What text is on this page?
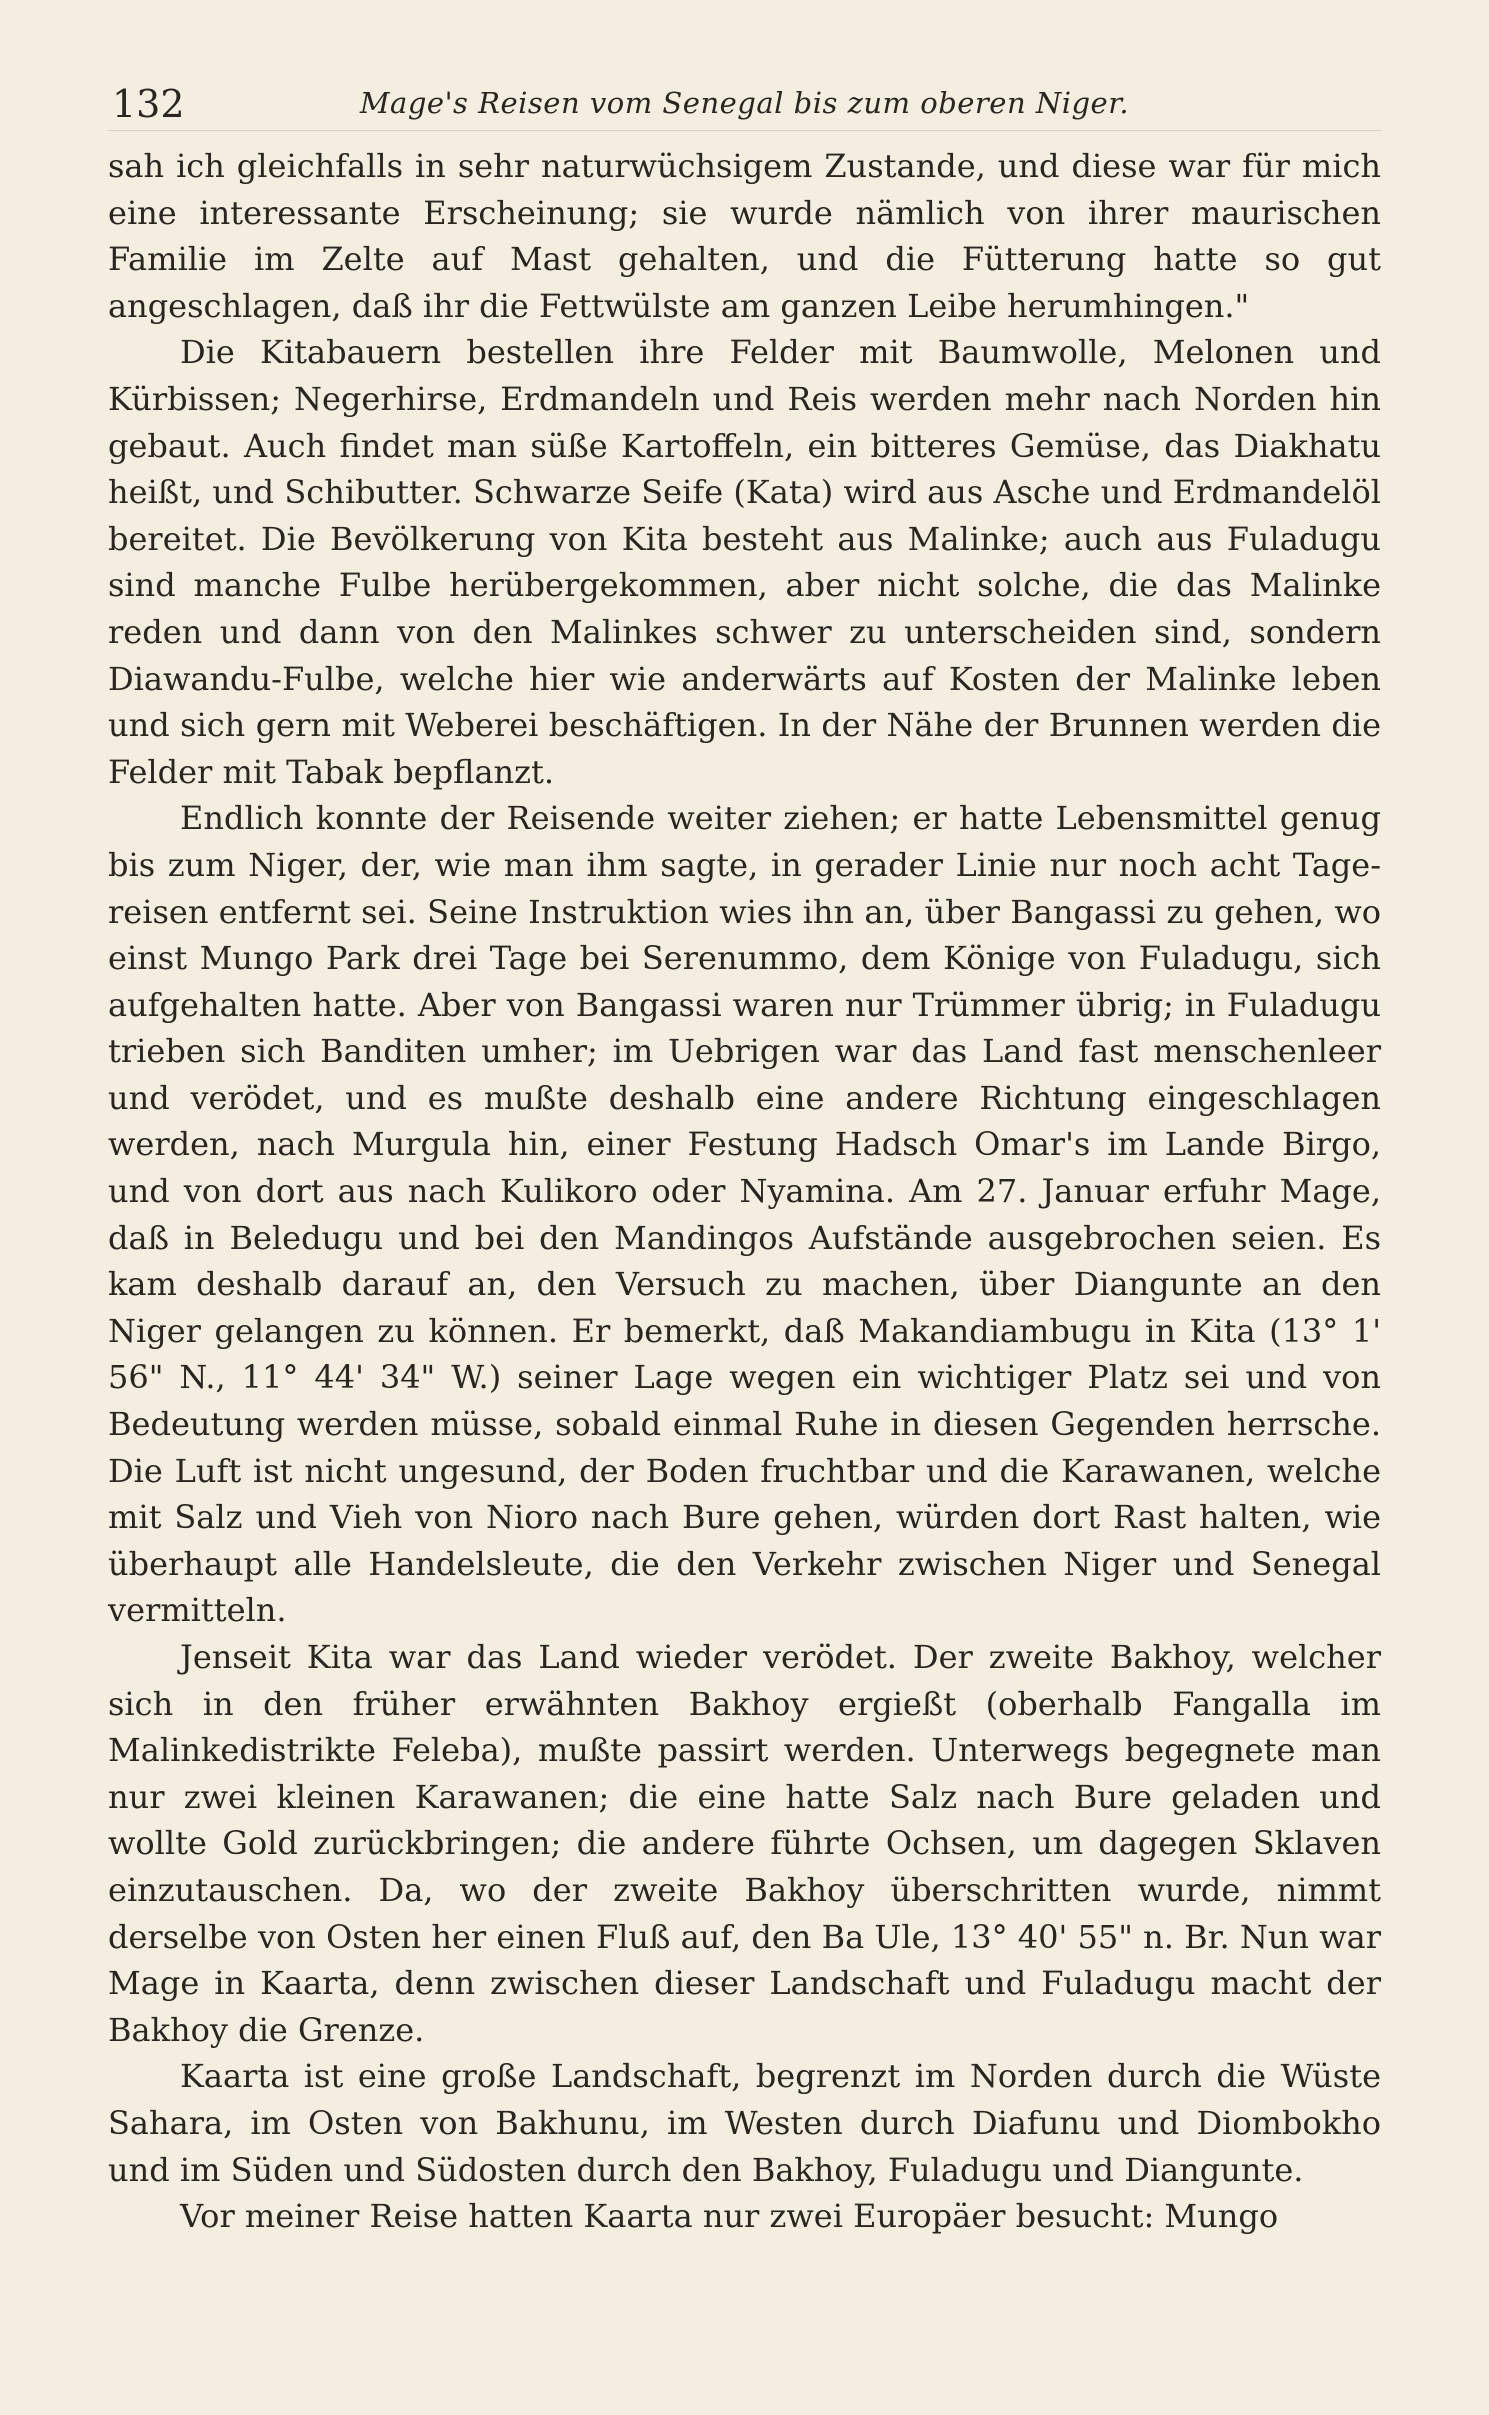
132	Mage's Reisen vom Senegal bis zum oberen Niger.

sah ich gleichfalls in sehr naturwüchsigem Zustande, und diese war für mich eine interessante Erscheinung; sie wurde nämlich von ihrer maurischen Familie im Zelte auf Mast gehalten, und die Fütterung hatte so gut angeschlagen, daß ihr die Fettwülste am ganzen Leibe herumhingen."

Die Kitabauern bestellen ihre Felder mit Baumwolle, Melonen und Kürbissen; Negerhirse, Erdmandeln und Reis werden mehr nach Norden hin gebaut. Auch findet man süße Kartoffeln, ein bitteres Gemüse, das Diakhatu heißt, und Schibutter. Schwarze Seife (Kata) wird aus Asche und Erdmandelöl bereitet. Die Bevölkerung von Kita besteht aus Malinke; auch aus Fuladugu sind manche Fulbe herübergekommen, aber nicht solche, die das Malinke reden und dann von den Malinkes schwer zu unterscheiden sind, sondern Diawandu-Fulbe, welche hier wie anderwärts auf Kosten der Malinke leben und sich gern mit Weberei beschäftigen. In der Nähe der Brunnen werden die Felder mit Tabak bepflanzt.

Endlich konnte der Reisende weiter ziehen; er hatte Lebensmittel genug bis zum Niger, der, wie man ihm sagte, in gerader Linie nur noch acht Tagereisen entfernt sei. Seine Instruktion wies ihn an, über Bangassi zu gehen, wo einst Mungo Park drei Tage bei Serenummo, dem Könige von Fuladugu, sich aufgehalten hatte. Aber von Bangassi waren nur Trümmer übrig; in Fuladugu trieben sich Banditen umher; im Uebrigen war das Land fast menschenleer und verödet, und es mußte deshalb eine andere Richtung eingeschlagen werden, nach Murgula hin, einer Festung Hadsch Omar's im Lande Birgo, und von dort aus nach Kulikoro oder Nyamina. Am 27. Januar erfuhr Mage, daß in Beledugu und bei den Mandingos Aufstände ausgebrochen seien. Es kam deshalb darauf an, den Versuch zu machen, über Diangunte an den Niger gelangen zu können. Er bemerkt, daß Makandiambugu in Kita (13° 1' 56" N., 11° 44' 34" W.) seiner Lage wegen ein wichtiger Platz sei und von Bedeutung werden müsse, sobald einmal Ruhe in diesen Gegenden herrsche. Die Luft ist nicht ungesund, der Boden fruchtbar und die Karawanen, welche mit Salz und Vieh von Nioro nach Bure gehen, würden dort Rast halten, wie überhaupt alle Handelsleute, die den Verkehr zwischen Niger und Senegal vermitteln.

Jenseit Kita war das Land wieder verödet. Der zweite Bakhoy, welcher sich in den früher erwähnten Bakhoy ergießt (oberhalb Fangalla im Malinkedistrikte Feleba), mußte passirt werden. Unterwegs begegnete man nur zwei kleinen Karawanen; die eine hatte Salz nach Bure geladen und wollte Gold zurückbringen; die andere führte Ochsen, um dagegen Sklaven einzutauschen. Da, wo der zweite Bakhoy überschritten wurde, nimmt derselbe von Osten her einen Fluß auf, den Ba Ule, 13° 40' 55" n. Br. Nun war Mage in Kaarta, denn zwischen dieser Landschaft und Fuladugu macht der Bakhoy die Grenze.

Kaarta ist eine große Landschaft, begrenzt im Norden durch die Wüste Sahara, im Osten von Bakhunu, im Westen durch Diafunu und Diombokho und im Süden und Südosten durch den Bakhoy, Fuladugu und Diangunte.

Vor meiner Reise hatten Kaarta nur zwei Europäer besucht: Mungo
